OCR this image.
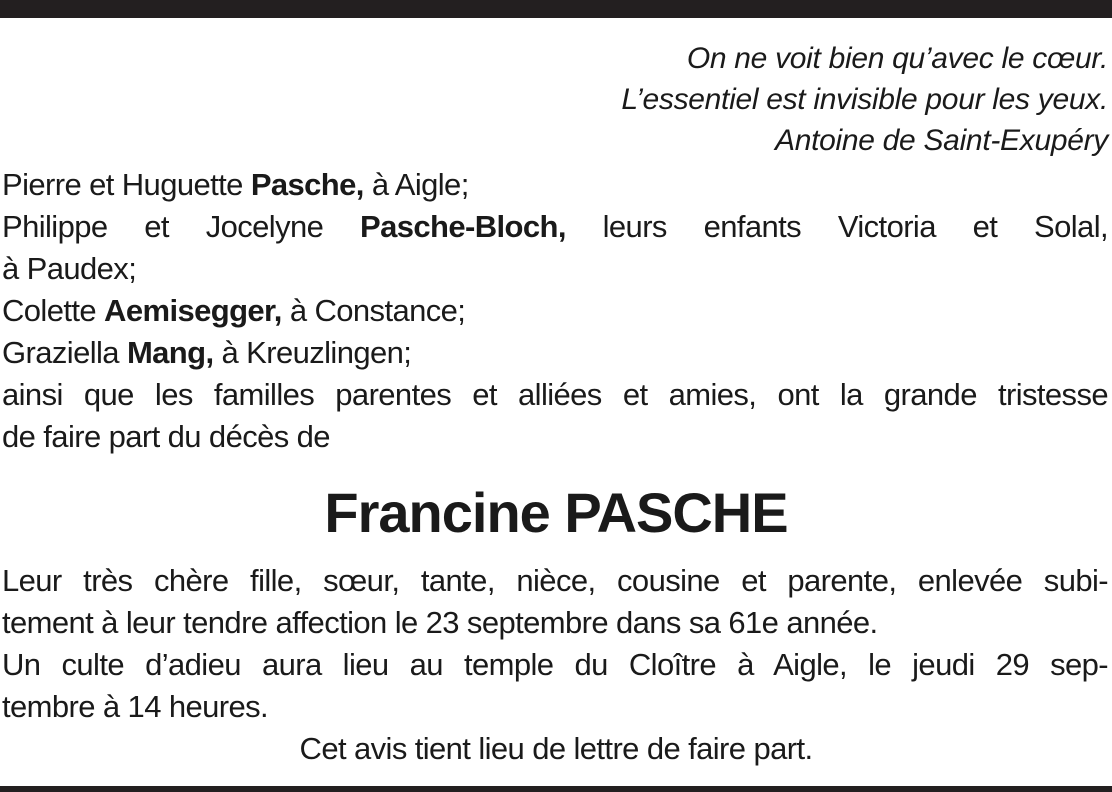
On ne voit bien qu’avec le cœur.
L’essentiel est invisible pour les yeux.
Antoine de Saint-Exupéry
Pierre et Huguette Pasche, à Aigle;
Philippe et Jocelyne Pasche-Bloch, leurs enfants Victoria et Solal,
à Paudex;
Colette Aemisegger, à Constance;
Graziella Mang, à Kreuzlingen;
ainsi que les familles parentes et alliées et amies, ont la grande tristesse
de faire part du décès de
Francine PASCHE
Leur très chère fille, sœur, tante, nièce, cousine et parente, enlevée subi-
tement à leur tendre affection le 23 septembre dans sa 61e année.
Un culte d’adieu aura lieu au temple du Cloître à Aigle, le jeudi 29 sep-
tembre à 14 heures.
Cet avis tient lieu de lettre de faire part.
